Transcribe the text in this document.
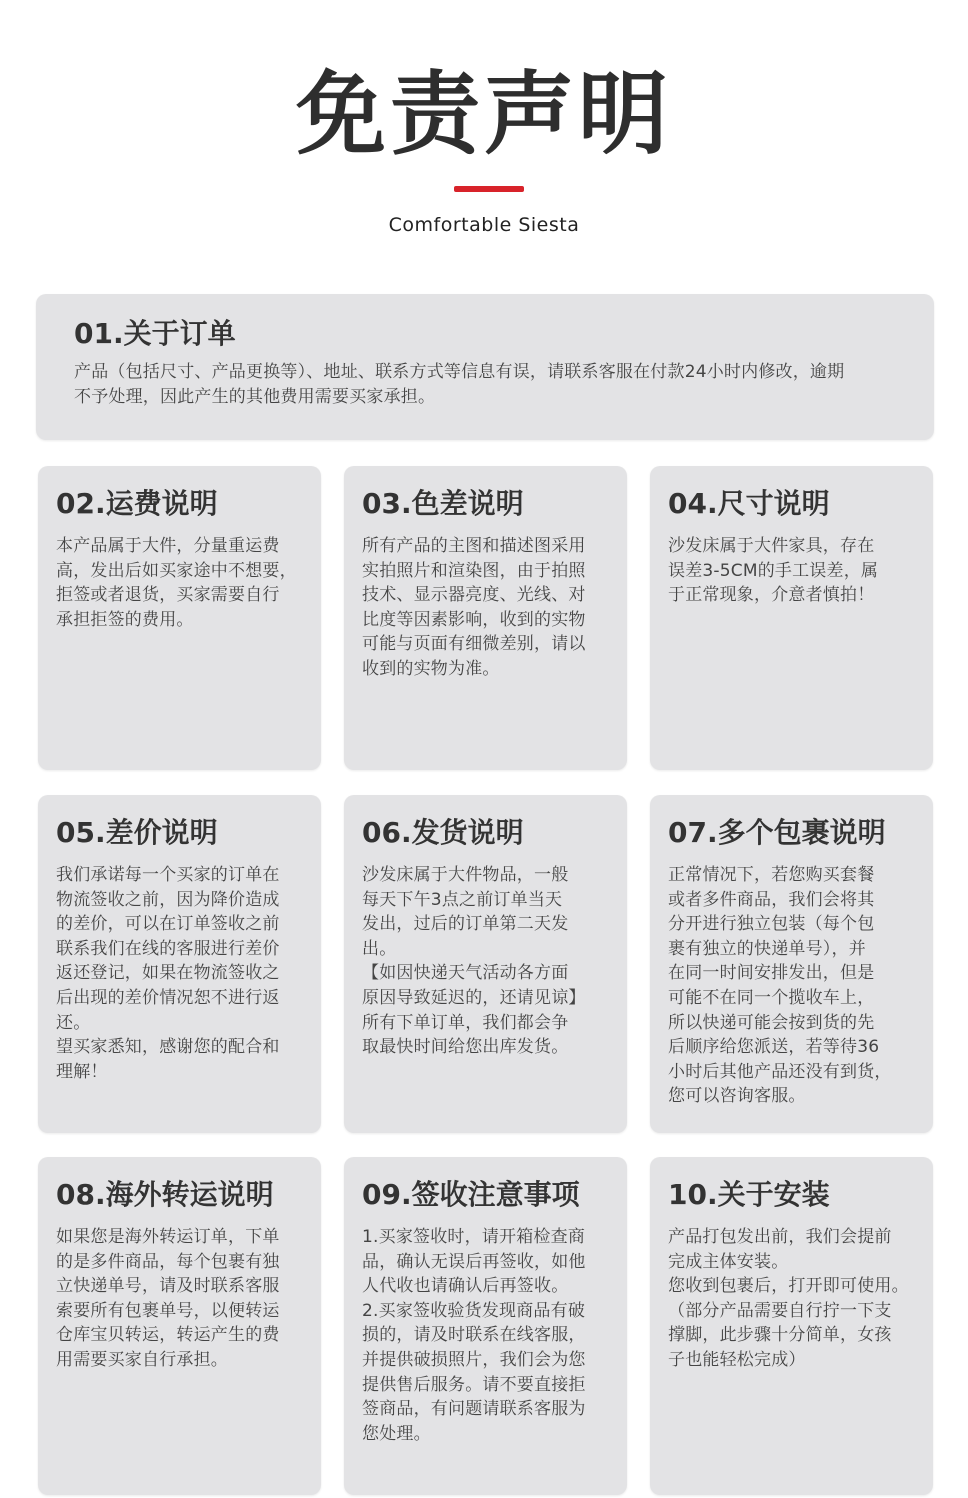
免责声明
Comfortable Siesta
01.关于订单
产品（包括尺寸、产品更换等）、地址、联系方式等信息有误，请联系客服在付款24小时内修改，逾期
不予处理，因此产生的其他费用需要买家承担。
02.运费说明
本产品属于大件，分量重运费
高，发出后如买家途中不想要，
拒签或者退货，买家需要自行
承担拒签的费用。
03.色差说明
所有产品的主图和描述图采用
实拍照片和渲染图，由于拍照
技术、显示器亮度、光线、对
比度等因素影响，收到的实物
可能与页面有细微差别，请以
收到的实物为准。
04.尺寸说明
沙发床属于大件家具，存在
误差3-5CM的手工误差，属
于正常现象，介意者慎拍！
05.差价说明
我们承诺每一个买家的订单在
物流签收之前，因为降价造成
的差价，可以在订单签收之前
联系我们在线的客服进行差价
返还登记，如果在物流签收之
后出现的差价情况恕不进行返
还。
望买家悉知，感谢您的配合和
理解！
06.发货说明
沙发床属于大件物品，一般
每天下午3点之前订单当天
发出，过后的订单第二天发
出。
【如因快递天气活动各方面
原因导致延迟的，还请见谅】
所有下单订单，我们都会争
取最快时间给您出库发货。
07.多个包裹说明
正常情况下，若您购买套餐
或者多件商品，我们会将其
分开进行独立包装（每个包
裹有独立的快递单号），并
在同一时间安排发出，但是
可能不在同一个揽收车上，
所以快递可能会按到货的先
后顺序给您派送，若等待36
小时后其他产品还没有到货，
您可以咨询客服。
08.海外转运说明
如果您是海外转运订单，下单
的是多件商品，每个包裹有独
立快递单号，请及时联系客服
索要所有包裹单号，以便转运
仓库宝贝转运，转运产生的费
用需要买家自行承担。
09.签收注意事项
1.买家签收时，请开箱检查商
品，确认无误后再签收，如他
人代收也请确认后再签收。
2.买家签收验货发现商品有破
损的，请及时联系在线客服，
并提供破损照片，我们会为您
提供售后服务。请不要直接拒
签商品，有问题请联系客服为
您处理。
10.关于安装
产品打包发出前，我们会提前
完成主体安装。
您收到包裹后，打开即可使用。
（部分产品需要自行拧一下支
撑脚，此步骤十分简单，女孩
子也能轻松完成）
